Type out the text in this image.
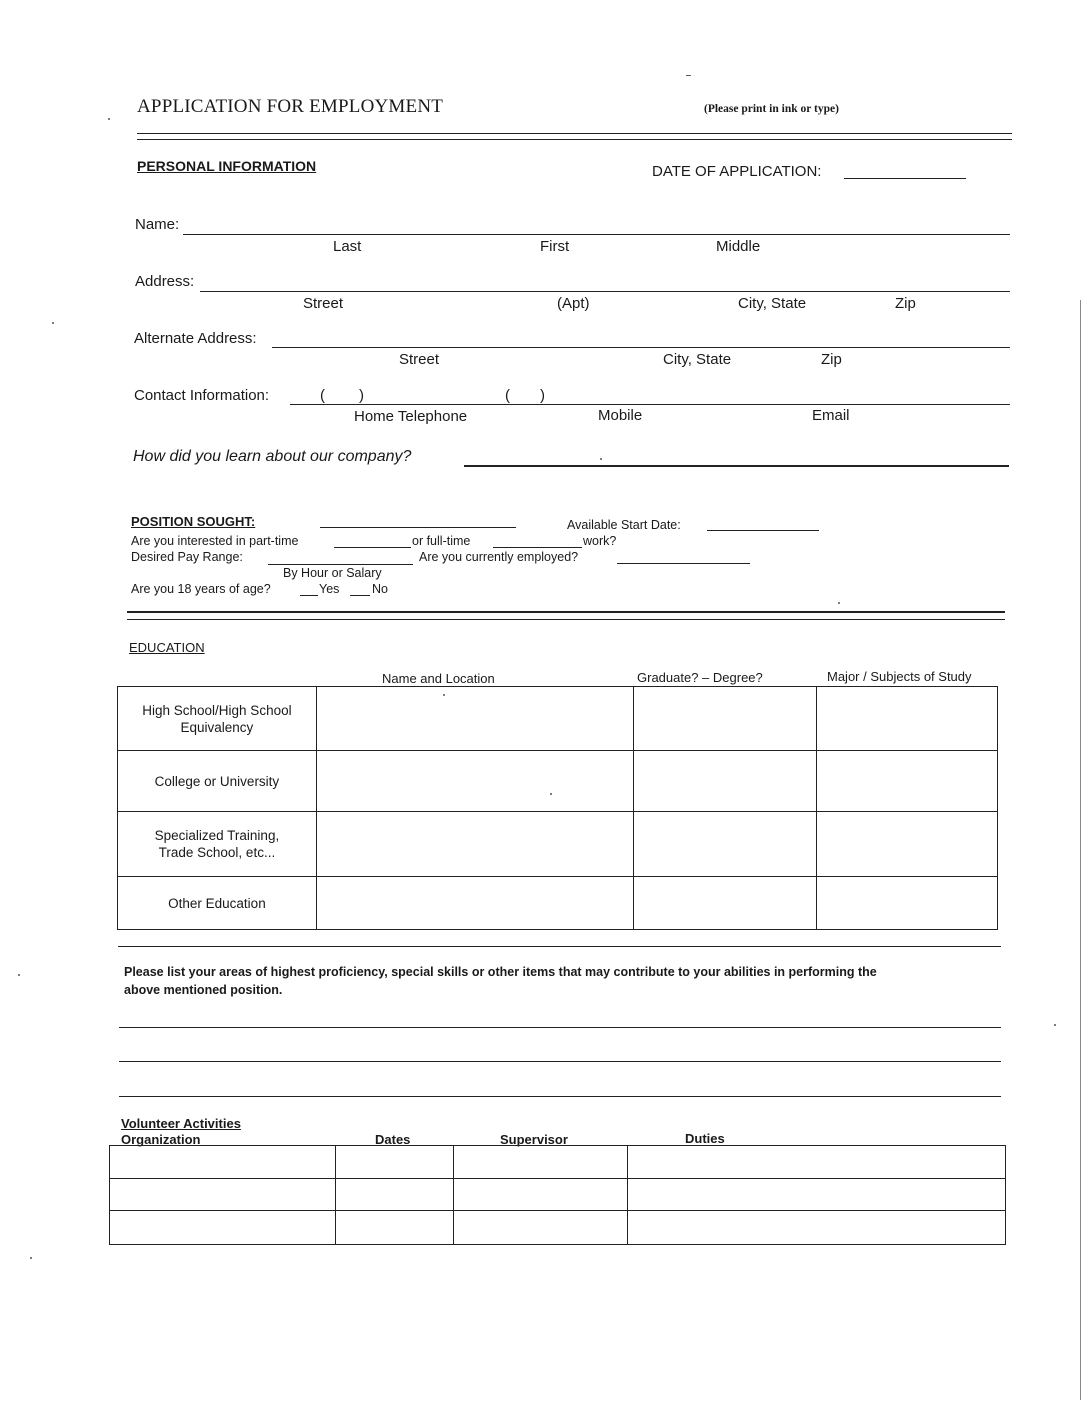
APPLICATION FOR EMPLOYMENT	(Please print in ink or type)
PERSONAL INFORMATION	DATE OF APPLICATION:
Name:
Last	First	Middle
Address:
Street	(Apt)	City, State	Zip
Alternate Address:
Street	City, State	Zip
Contact Information:	( )	( )
Home Telephone	Mobile	Email
How did you learn about our company?
POSITION SOUGHT:	Available Start Date:
Are you interested in part-time	or full-time	work?
Desired Pay Range:	Are you currently employed?
By Hour or Salary
Are you 18 years of age?	Yes	No
EDUCATION
Name and Location	Graduate? – Degree?	Major / Subjects of Study
High School/High School
Equivalency			
College or University			
Specialized Training,
Trade School, etc...			
Other Education			
Please list your areas of highest proficiency, special skills or other items that may contribute to your abilities in performing the
above mentioned position.
Volunteer Activities
Organization	Dates	Supervisor	Duties
